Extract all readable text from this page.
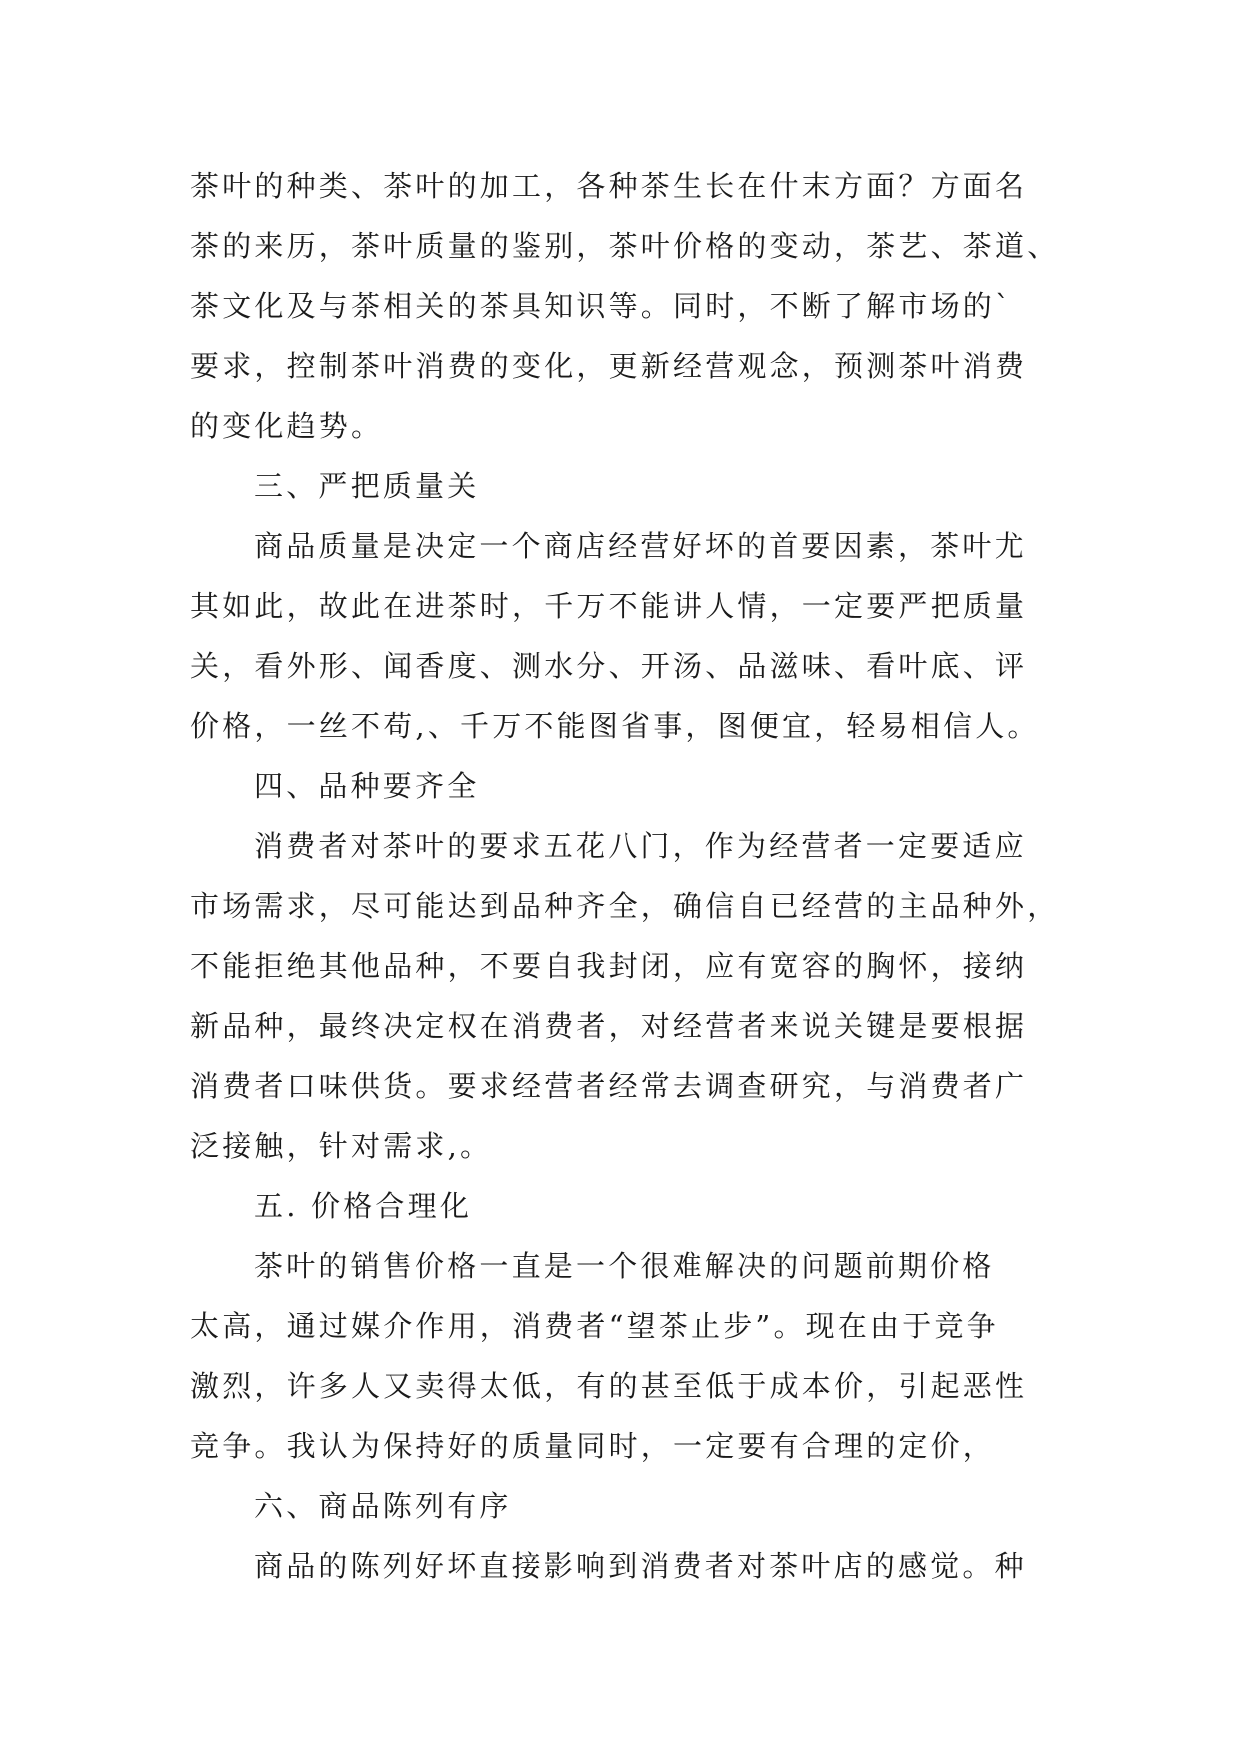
茶叶的种类、茶叶的加工，各种茶生长在什末方面？方面名
茶的来历，茶叶质量的鉴别，茶叶价格的变动，茶艺、茶道、
茶文化及与茶相关的茶具知识等。同时，不断了解市场的`
要求，控制茶叶消费的变化，更新经营观念，预测茶叶消费
的变化趋势。
三、严把质量关
商品质量是决定一个商店经营好坏的首要因素，茶叶尤
其如此，故此在进茶时，千万不能讲人情，一定要严把质量
关，看外形、闻香度、测水分、开汤、品滋味、看叶底、评
价格，一丝不苟,、千万不能图省事，图便宜，轻易相信人。
四、品种要齐全
消费者对茶叶的要求五花八门，作为经营者一定要适应
市场需求，尽可能达到品种齐全，确信自已经营的主品种外，
不能拒绝其他品种，不要自我封闭，应有宽容的胸怀，接纳
新品种，最终决定权在消费者，对经营者来说关键是要根据
消费者口味供货。要求经营者经常去调查研究，与消费者广
泛接触，针对需求,。
五. 价格合理化
茶叶的销售价格一直是一个很难解决的问题前期价格
太高，通过媒介作用，消费者“望茶止步”。现在由于竞争
激烈，许多人又卖得太低，有的甚至低于成本价，引起恶性
竞争。我认为保持好的质量同时，一定要有合理的定价，
六、商品陈列有序
商品的陈列好坏直接影响到消费者对茶叶店的感觉。种
